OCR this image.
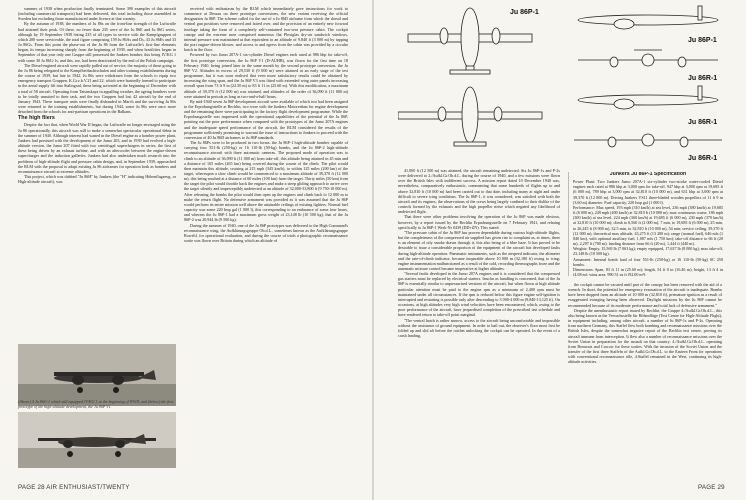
summer of 1938 when production finally terminated. Some 390 examples of this aircraft (including commercial transports) had been delivered, this total including those assembled in Sweden but excluding those manufactured under licence at that country.

By the autumn of 1938, the numbers of Ju 86s on the front-line strength of the Luftwaffe had attained their peak. Of these, no fewer than 235 were of the Ju 86E and Ju 86G series, although by 19 September 1938 listing 235 of all types in service with the Kampfgruppen of which 200 were serviceable, the total figure comprising 159 Ju 86As and Ds, 43 Ju 86Es and 33 Ju 86Gs. From this point the phase-out of the Ju 86 from the Luftwaffe's first-line elements began, its tempo increasing sharply from the beginning of 1939, and when hostilities began in September of that year only one Gruppe still possessed the Junkers bomber, this being IV/KG 1 with some 30 Ju 86G-1s, and this, too, had been deactivated by the end of the Polish campaign.

The Diesel-engined aircraft were rapidly pulled out of service, the majority of these going to the Ju 86 being relegated to the Kampfbeobachtschulen and other training establishments during the course of 1939, but late in 1942, Ju 86s were withdrawn from the schools to equip two emergency transport Gruppen, K.Gr.z.b.V.21 and 22, which were hurriedly formed to participate in the aerial supply lift into Stalingrad, these being activated at the beginning of December with a total of 58 aircraft. Operating from Tatsinskaya in appalling weather, the ageing bombers were to be totally unsuited to their task, and the two Gruppen had lost 42 aircraft by the end of January 1943. These transport units were finally disbanded in March and the surviving Ju 86s were returned to the training establishments, but during 1944, some Ju 86s were once more detached from the schools for anti-partisan operations in the Balkans.

The high fliers

Despite the fact that, when World War II began, the Luftwaffe no longer envisaged using the Ju 86 operationally, this aircraft was still to make a somewhat spectacular operational debut in the summer of 1940. Although interest had waned in the Diesel engine as a bomber power plant, Junkers had persisted with the development of the Jumo 205, and in 1939 had evolved a high-altitude version, the Jumo 207 fitted with two centrifugal superchargers in series, the first of these being driven by an exhaust turbine, and with an aftercooler between the engine-driven supercharger and the induction galleries. Junkers had also undertaken much research into the problems of high-altitude flight and pressure cabin design, and, in September 1939, approached the RLM with the proposal to adapt existing Ju 86 airframes for operation both as bombers and reconnaissance aircraft at extreme altitudes.

This project, which was dubbed "Ju 86H" by Junkers (the "H" indicating Höhenflugzeug, or High-altitude aircraft), was

(Above) A Ju 86G-1 which still equipped IV/KG 1 at the beginning of WWII, and (below) the first prototype of the high-altitude development, the Ju 86P V1.

received with enthusiasm by the RLM which immediately gave instructions for work to commence at Dessau on three prototype conversions, the new variant receiving the official designation Ju 86P. The scheme called for the use of a Ju 86D airframe from which the dorsal and ventral gun positions were removed and faired over, and the provision of an entirely new forward fuselage taking the form of a completely self-contained two-seat pressure cabin. The cockpit canopy and the extreme nose comprised numerous flat Plexiglas dry-air sandwich windows, internal pressure was maintained at that equivalent to an altitude of 9,840 ft (3 000 m) by tapping the port engine-driven blower, and access to and egress from the cabin was provided by a circular hatch in the floor.

Powered by two Jumo 207A-1 six-cylinder Diesel engines each rated at 986 bhp for take-off, the first prototype conversion, the Ju 86P V1 (D-AUHB), was flown for the first time on 18 February 1940, being joined later in the same month by the second prototype conversion, the Ju 86P V2. Altitudes in excess of 29,530 ft (9 000 m) were attained at an early stage of the test programme, but it was soon realised that even more satisfactory results could be obtained by increasing the wing span, and the Ju 86P V3 was fitted with extended wing outer panels increasing overall span from 73 ft 9 in (22.50 m) to 83 ft 11 in (25.60 m). With this modification, a maximum altitude of 39,370 ft (12 000 m) was attained, and altitudes of the order of 36,090 ft (11 000 m) were attained in periods as long as two-and-a-half hours.

By mid-1940 seven Ju 86P development aircraft were available of which two had been assigned to the Erprobungsstelle at Rechlin, two were with the Junkers Motorenbau for engine development and the remaining three were participating in the factory flight development programme. While the Erprobungsstelle was impressed with the operational capabilities of the potential of the Ju 86P, pointing out the poor performance when compared with the prototypes of the Jumo 207A engines and the inadequate speed performance of the aircraft, the RLM considered the results of the programme sufficiently promising to warrant the issue of instructions to Junkers to proceed with the conversion of 40 Ju 86D airframes to Ju 86P standards.

The Ju 86Ps were to be produced in two forms: the Ju 86P-1 high-altitude bomber capable of carrying four 551-lb (250-kg) or 16 110-lb (50-kg) bombs, and the Ju 86P-2 high-altitude reconnaissance aircraft with three automatic cameras. The proposed mode of operation was to climb to an altitude of 36,090 ft (11 000 m) from take-off, this altitude being attained in 45 min and a distance of 165 miles (265 km) being covered during the course of the climb. The pilot would then maintain this altitude, cruising at 215 mph (345 km/h), to within 125 miles (200 km) of the target, whereupon a slow climb would be commenced to a maximum altitude of 39,370 ft (12 000 m), this being reached at a distance of 60 miles (100 km) from the target. Thirty miles (50 km) from the target the pilot would throttle back the engines and make a steep gliding approach to arrive over the target silently and imperceptibly undetected at an altitude of 32,000-33,800 ft (9 750-10 000 m). After releasing the bombs the pilot would then open up the engines and climb back to 12 000 m to make the return flight. No defensive armament was provided as it was assumed that the Ju 86P would perform its entire mission well above the attainable ceilings of existing fighters. Normal fuel capacity was some 220 Imp gal (1 000 l), this corresponding to an endurance of some four hours, and whereas the Ju 86P-1 had a maximum gross weight of 23,148 lb (10 500 kg), that of the Ju 86P-2 was 20,944 lb (9 500 kg).

During the summer of 1940, one of the Ju 86P prototypes was delivered to the High Command's reconnaissance wing, the Aufklärungsgruppe Ob.d.L., sometimes known as the Aufklärungsgruppe Rowehl, for operational evaluation, and during the course of trials a photographic reconnaissance sortie was flown over Britain during which an altitude of

PAGE 28 AIR ENTHUSIAST/TWENTY
Ju 86P-1
Ju 86P-1
Ju 86R-1
Ju 86R-1
Ju 86R-1

41,000 ft (12 500 m) was attained, the aircraft remaining undetected. Six Ju 86P-1s and P-2s were delivered to 2./Aufkl.Gr.Ob.d.L. during the course of 1940, and a few missions were flown over the British Isles with indifferent success. A mission report dated 10 December 1940 was, nevertheless, comparatively enthusiastic, commenting that some hundreds of flights up to and above 32,810 ft (10 000 m) had been carried out to that date, including many at night and under difficult to severe icing conditions. The Ju 86P-1, it was considered, was satisfied with both the aircraft and its engines, the observations of the crews being largely confined to their dislike of the controls formed by the exhausts and the high propeller noise which negated any likelihood of undetected flight.

That there were other problems involving the operation of the Ju 86P was made obvious, however, by a report issued by the Rechlin Erprobungsstelle on 7 February 1941, and relating specifically to Ju 86P-1 Werk-Nr 0439 (DD+ZN). This stated:

"The pressure cabin of the Ju 86P has proven dependable during various high-altitude flights, but the completeness of the compressed air supplied has given rise to complaint as, at times, there is an element of oily smoke drawn through it, this also being of a blue haze. It has proved to be desirable to issue a considerable proportion of the equipment of the aircraft has developed faults during high-altitude operation. Pneumatic instruments, such as the airspeed indicator, the altimeter and the rate-of-climb indicator, became inoperable above 10 000 m (32,180 ft) owing to icing; engine instrumentation malfunctioned as a result of the cold, recording thermographs froze and the automatic mixture control became inoperative at higher altitudes.

"Several faults developed in the Jumo 207A engines and it is considered that the compressed gas starters must be replaced by electrical starters. Insofar as handling is concerned, that of the Ju 86P is essentially similar to unpressurised versions of the aircraft, but when flown at high altitude particular attention must be paid to the engine rpm as a minimum of 2,400 rpm must be maintained under all circumstances. If the rpm is reduced below this figure engine self-ignition is interrupted and restarting is possible only after descending to 3 000-4 000 m (9,840-13,125 ft). On occasions, at high altitudes very high wind velocities have been encountered, which, owing to the poor performance of the aircraft, have jeopardised completion of the prescribed test schedule and have rendered return to take-off point marginal.

"The ventral hatch is rather narrow, access to the aircraft being uncomfortable and impossible without the assistance of ground equipment. In order to bail out, the observer's floor must first be folded up and slid aft before the ratchet unlocking the cockpit can be operated. In the event of a crash landing,

Junkers Ju 86P-1 Specification

Power Plant: Two Junkers Jumo 207A-1 six-cylinder two-stroke water-cooled Diesel engines each rated at 986 bhp at 3,000 rpm for take-off, 947 bhp at 3,000 rpm at 19,685 ft (6 000 m), 789 bhp at 3,000 rpm at 32,810 ft (10 000 m), and 631 bhp at 3,000 rpm at 39,370 ft (12 000 m). Driving Junkers VS11 three-bladed wooden propellers of 11 ft 9 in (3.60 m) diameter. Fuel capacity, 220 Imp gal (1 000 l).

Performance: Max speed, 193 mph (310 km/h) at sea level, 236 mph (380 km/h) at 19,685 ft (6 000 m), 249 mph (400 km/h) at 32,810 ft (10 000 m); max continuous cruise, 186 mph (300 km/h) at sea level, 224 mph (360 km/h) at 19,685 ft (6 000 m), 230 mph (370 km/h) at 32,810 ft (10 000 m); climb to 6,560 ft (2 000 m), 7 min, to 19,685 ft (6 000 m), 25 min, to 26,245 ft (8 000 m), 32.5 min, to 32,810 ft (10 000 m), 54 min; service ceiling, 39,370 ft (12 000 m), theoretical max altitude, 43,275 ft (13 200 m); range (normal fuel), 646 mls (1 040 km), with optional auxiliary fuel, 1,087 mls (1 750 km); take-off distance to 66 ft (20 m), 2,297 ft (700 m); landing distance from 66 ft (20 m), 1,444 ft (440 m).

Weights: Empty, 15,569 lb (7 063 kg); empty equipped, 17,637 lb (8 000 kg); max take-off, 23,148 lb (10 500 kg).

Armament: Internal bomb load of four 551-lb (250-kg) or 16 110-lb (50-kg) SC 250 bombs.

Dimensions: Span, 83 ft 11 in (25.60 m); length, 54 ft 0 in (16.46 m); height, 13 ft 4 in (4.08 m); wing area, 990.51 sq ft (92.00 m²).

the cockpit cannot be vacated until part of the canopy has been removed with the aid of a wrench. In short, the potential for emergency evacuation of the aircraft is inadequate. Bombs have been dropped from an altitude of 10 000 m (32,810 ft), premature ignition as a result of exaggerated swinging having been observed. Daylight missions by the Ju 86P cannot be recommended because of its moderate performance and total lack of defensive armament."

Despite the unenthusiastic report issued by Rechlin, the Gruppe 4./Aufkl.Gr.Ob.d.L., this also being known as the Versuchsstelle für Höhenflüge (Test Centre for High-Altitude Flight), in equipment including, among other aircraft, a number of Ju 86P-1s and P-2s. Operating from northern Germany, this Staffel flew both bombing and reconnaissance missions over the British Isles, despite the somewhat negative report of the Rechlin test centre, proving its aircraft immune from interception. It flew also a number of reconnaissance missions over the Soviet Union in preparation for the assault on that country. 4./Aufkl.Gr.Ob.d.L. operating from Beauvais and Cracow for these sorties. With the invasion of the Soviet Union and the transfer of the first three Staffeln of the Aufkl.Gr.Ob.d.L. to the Eastern Front for operations with conventional reconnaissance rôle, 4.Staffel remained in the West, continuing its high-altitude activities.

PAGE 29
